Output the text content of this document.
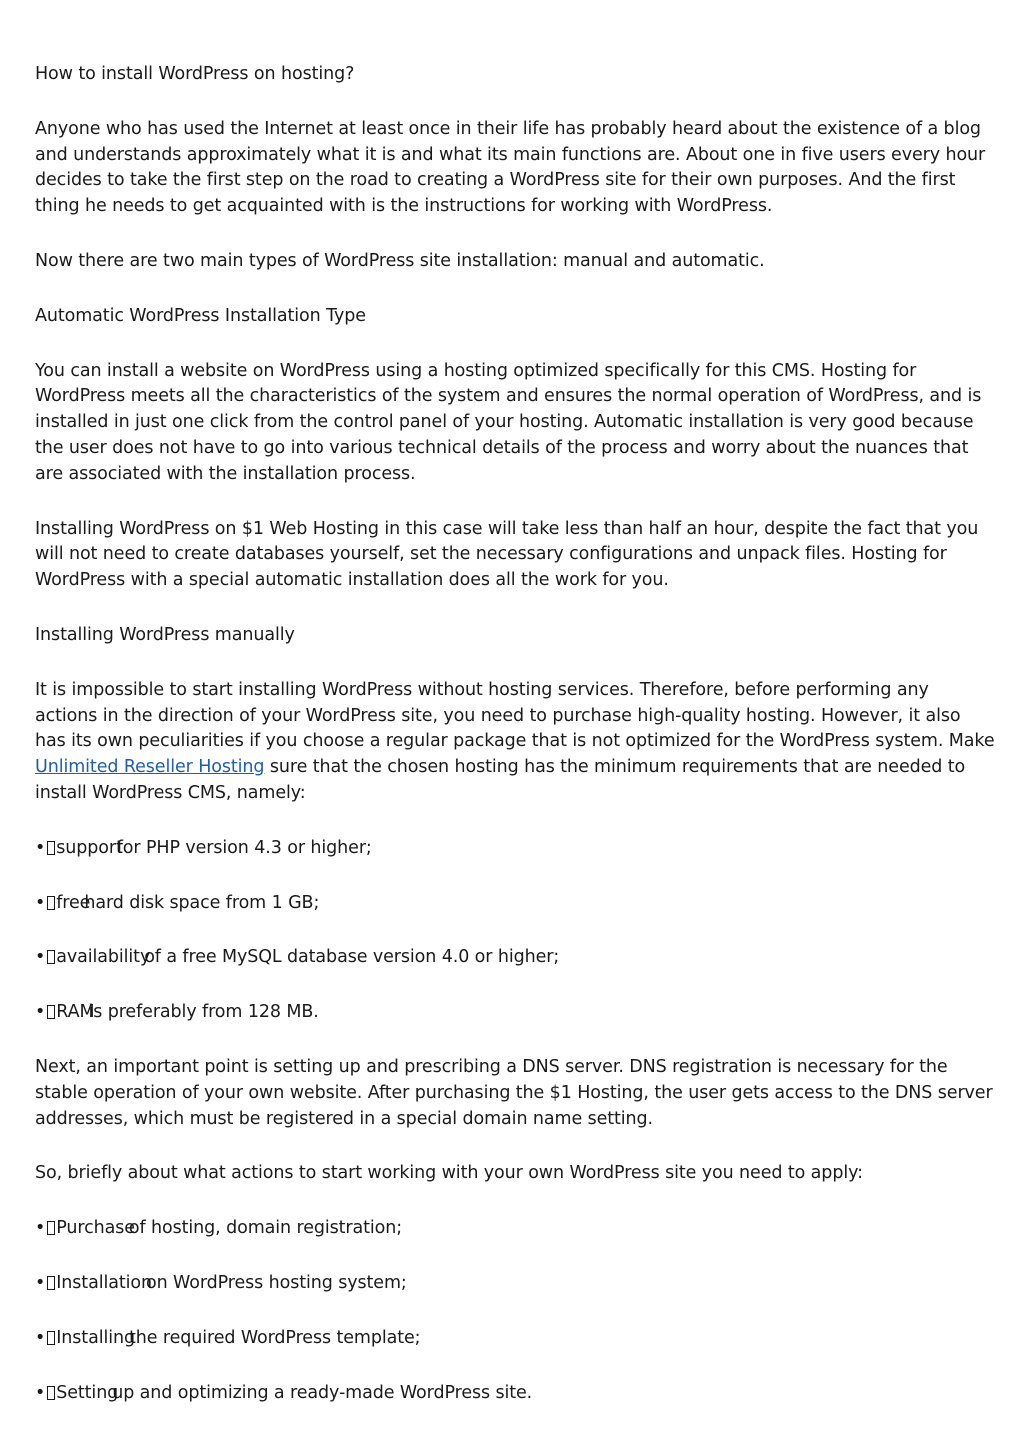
How to install WordPress on hosting?

Anyone who has used the Internet at least once in their life has probably heard about the existence of a blog and understands approximately what it is and what its main functions are. About one in five users every hour decides to take the first step on the road to creating a WordPress site for their own purposes. And the first thing he needs to get acquainted with is the instructions for working with WordPress.

Now there are two main types of WordPress site installation: manual and automatic.

Automatic WordPress Installation Type

You can install a website on WordPress using a hosting optimized specifically for this CMS. Hosting for WordPress meets all the characteristics of the system and ensures the normal operation of WordPress, and is installed in just one click from the control panel of your hosting. Automatic installation is very good because the user does not have to go into various technical details of the process and worry about the nuances that are associated with the installation process.

Installing WordPress on $1 Web Hosting in this case will take less than half an hour, despite the fact that you will not need to create databases yourself, set the necessary configurations and unpack files. Hosting for WordPress with a special automatic installation does all the work for you.

Installing WordPress manually

It is impossible to start installing WordPress without hosting services. Therefore, before performing any actions in the direction of your WordPress site, you need to purchase high-quality hosting. However, it also has its own peculiarities if you choose a regular package that is not optimized for the WordPress system. Make Unlimited Reseller Hosting sure that the chosen hosting has the minimum requirements that are needed to install WordPress CMS, namely:

• supportfor PHP version 4.3 or higher;
• freehard disk space from 1 GB;
• availabilityof a free MySQL database version 4.0 or higher;
• RAMis preferably from 128 MB.

Next, an important point is setting up and prescribing a DNS server. DNS registration is necessary for the stable operation of your own website. After purchasing the $1 Hosting, the user gets access to the DNS server addresses, which must be registered in a special domain name setting.

So, briefly about what actions to start working with your own WordPress site you need to apply:

• Purchaseof hosting, domain registration;
• Installationon WordPress hosting system;
• Installingthe required WordPress template;
• Settingup and optimizing a ready-made WordPress site.
